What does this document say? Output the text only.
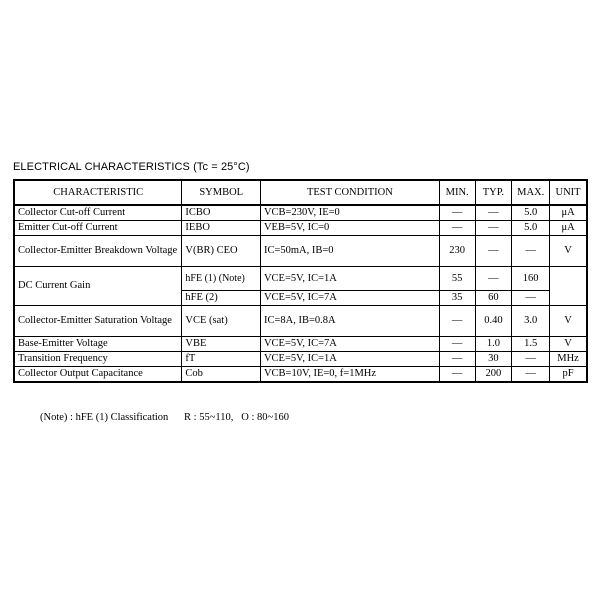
ELECTRICAL CHARACTERISTICS (Tc = 25°C)
CHARACTERISTIC	SYMBOL	TEST CONDITION	MIN.	TYP.	MAX.	UNIT
Collector Cut-off Current	ICBO	VCB=230V, IE=0	—	—	5.0	μA
Emitter Cut-off Current	IEBO	VEB=5V, IC=0	—	—	5.0	μA
Collector-Emitter Breakdown Voltage	V(BR) CEO	IC=50mA, IB=0	230	—	—	V
DC Current Gain	hFE (1) (Note)	VCE=5V, IC=1A	55	—	160	
	hFE (2)	VCE=5V, IC=7A	35	60	—	
Collector-Emitter Saturation Voltage	VCE (sat)	IC=8A, IB=0.8A	—	0.40	3.0	V
Base-Emitter Voltage	VBE	VCE=5V, IC=7A	—	1.0	1.5	V
Transition Frequency	fT	VCE=5V, IC=1A	—	30	—	MHz
Collector Output Capacitance	Cob	VCB=10V, IE=0, f=1MHz	—	200	—	pF
(Note) : hFE (1) Classification      R : 55~110,   O : 80~160
